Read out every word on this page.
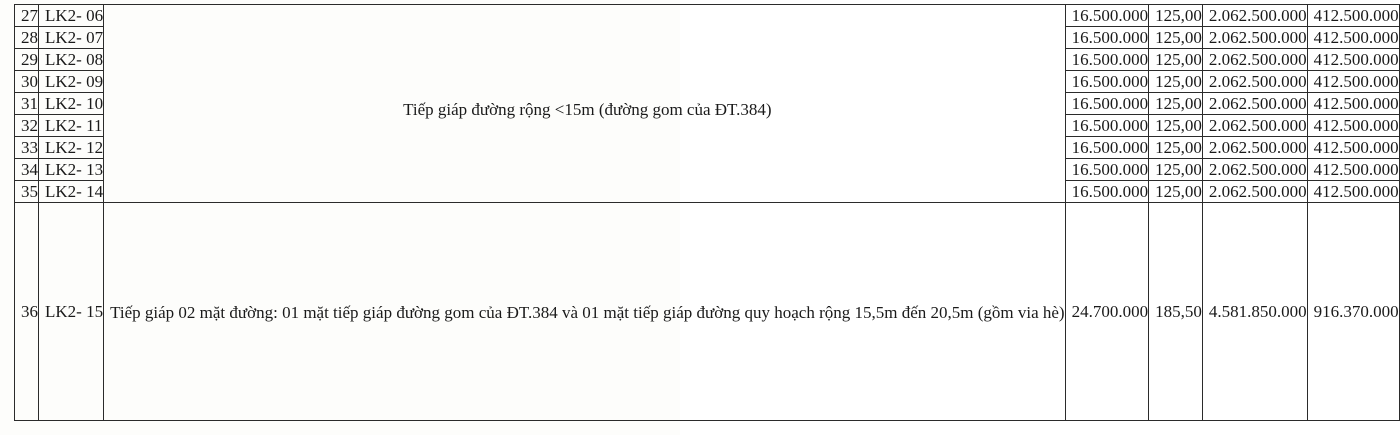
27	LK2- 06	Tiếp giáp đường rộng <15m (đường gom của ĐT.384)	16.500.000	125,00	2.062.500.000	412.500.000
28	LK2- 07		16.500.000	125,00	2.062.500.000	412.500.000
29	LK2- 08		16.500.000	125,00	2.062.500.000	412.500.000
30	LK2- 09		16.500.000	125,00	2.062.500.000	412.500.000
31	LK2- 10		16.500.000	125,00	2.062.500.000	412.500.000
32	LK2- 11		16.500.000	125,00	2.062.500.000	412.500.000
33	LK2- 12		16.500.000	125,00	2.062.500.000	412.500.000
34	LK2- 13		16.500.000	125,00	2.062.500.000	412.500.000
35	LK2- 14		16.500.000	125,00	2.062.500.000	412.500.000
36	LK2- 15	Tiếp giáp 02 mặt đường: 01 mặt tiếp giáp đường gom của ĐT.384 và 01 mặt tiếp giáp đường quy hoạch rộng 15,5m đến 20,5m (gồm via hè)	24.700.000	185,50	4.581.850.000	916.370.000
